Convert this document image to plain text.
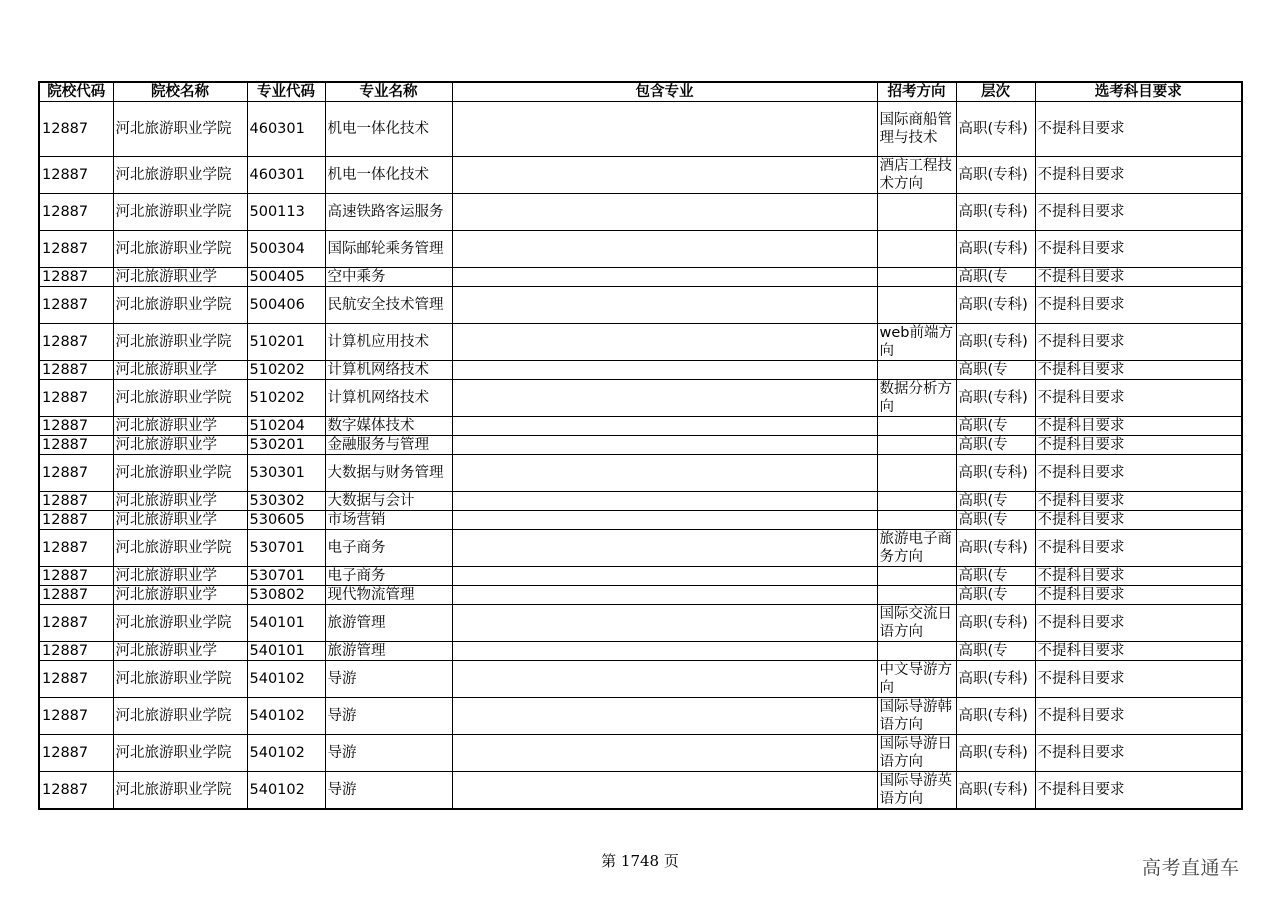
院校代码	院校名称	专业代码	专业名称	包含专业	招考方向	层次	选考科目要求

12887	河北旅游职业学院	460301	机电一体化技术		国际商船管理与技术	高职(专科)	不提科目要求

12887	河北旅游职业学院	460301	机电一体化技术		酒店工程技术方向	高职(专科)	不提科目要求

12887	河北旅游职业学院	500113	高速铁路客运服务			高职(专科)	不提科目要求

12887	河北旅游职业学院	500304	国际邮轮乘务管理			高职(专科)	不提科目要求

12887	河北旅游职业学	500405	空中乘务			高职(专	不提科目要求

12887	河北旅游职业学院	500406	民航安全技术管理			高职(专科)	不提科目要求

12887	河北旅游职业学院	510201	计算机应用技术		web前端方向	高职(专科)	不提科目要求

12887	河北旅游职业学	510202	计算机网络技术			高职(专	不提科目要求

12887	河北旅游职业学院	510202	计算机网络技术		数据分析方向	高职(专科)	不提科目要求

12887	河北旅游职业学	510204	数字媒体技术			高职(专	不提科目要求

12887	河北旅游职业学	530201	金融服务与管理			高职(专	不提科目要求

12887	河北旅游职业学院	530301	大数据与财务管理			高职(专科)	不提科目要求

12887	河北旅游职业学	530302	大数据与会计			高职(专	不提科目要求

12887	河北旅游职业学	530605	市场营销			高职(专	不提科目要求

12887	河北旅游职业学院	530701	电子商务		旅游电子商务方向	高职(专科)	不提科目要求

12887	河北旅游职业学	530701	电子商务			高职(专	不提科目要求

12887	河北旅游职业学	530802	现代物流管理			高职(专	不提科目要求

12887	河北旅游职业学院	540101	旅游管理		国际交流日语方向	高职(专科)	不提科目要求

12887	河北旅游职业学	540101	旅游管理			高职(专	不提科目要求

12887	河北旅游职业学院	540102	导游		中文导游方向	高职(专科)	不提科目要求

12887	河北旅游职业学院	540102	导游		国际导游韩语方向	高职(专科)	不提科目要求

12887	河北旅游职业学院	540102	导游		国际导游日语方向	高职(专科)	不提科目要求

12887	河北旅游职业学院	540102	导游		国际导游英语方向	高职(专科)	不提科目要求
第 1748 页	高考直通车
